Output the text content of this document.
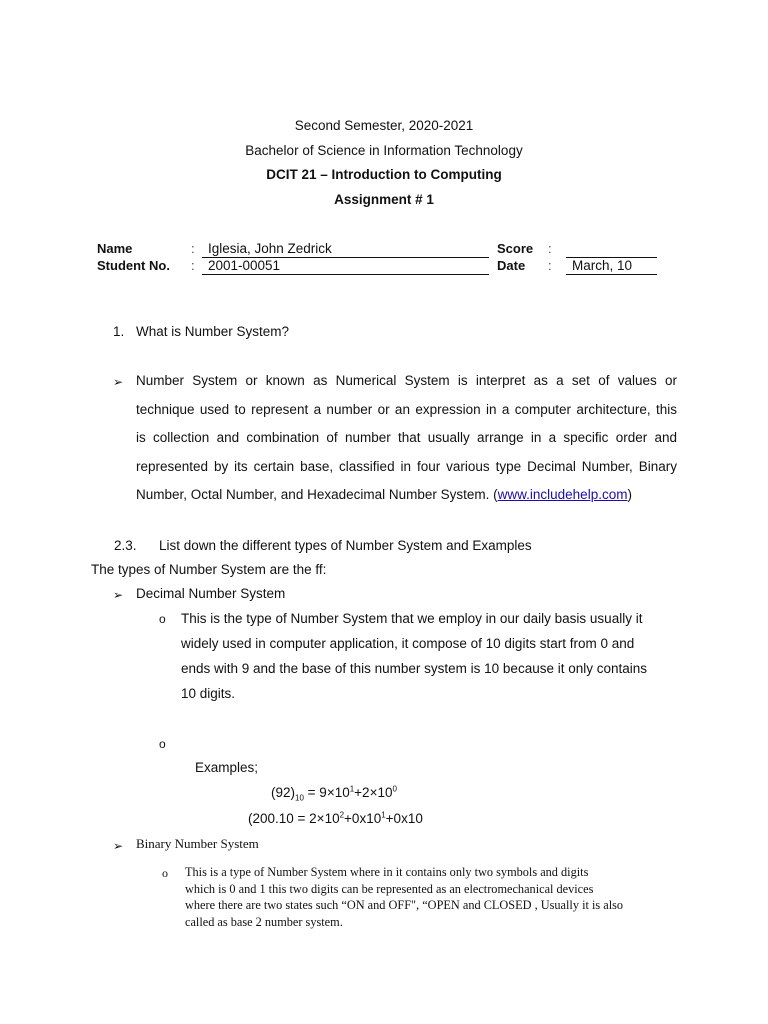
Second Semester, 2020-2021
Bachelor of Science in Information Technology
DCIT 21 – Introduction to Computing
Assignment # 1
Name	: Iglesia, John Zedrick
Student No. : 2001-00051
Score :
Date :	March, 10
1. What is Number System?
➢ Number System or known as Numerical System is interpret as a set of values or
technique used to represent a number or an expression in a computer architecture, this
is collection and combination of number that usually arrange in a specific order and
represented by its certain base, classified in four various type Decimal Number, Binary
Number, Octal Number, and Hexadecimal Number System. (www.includehelp.com)
2.3. List down the different types of Number System and Examples
The types of Number System are the ff:
➢ Decimal Number System
o This is the type of Number System that we employ in our daily basis usually it
widely used in computer application, it compose of 10 digits start from 0 and
ends with 9 and the base of this number system is 10 because it only contains
10 digits.
o
Examples;
$(92)_{10} = 9\times 10^1+2\times 10^0$
($200.10 = 2\times 10^2+0x10^1+0x10$
➢ Binary Number System
o This is a type of Number System where in it contains only two symbols and digits
which is 0 and 1 this two digits can be represented as an electromechanical devices
where there are two states such “ON and OFF", “OPEN and CLOSED , Usually it is also
called as base 2 number system.
